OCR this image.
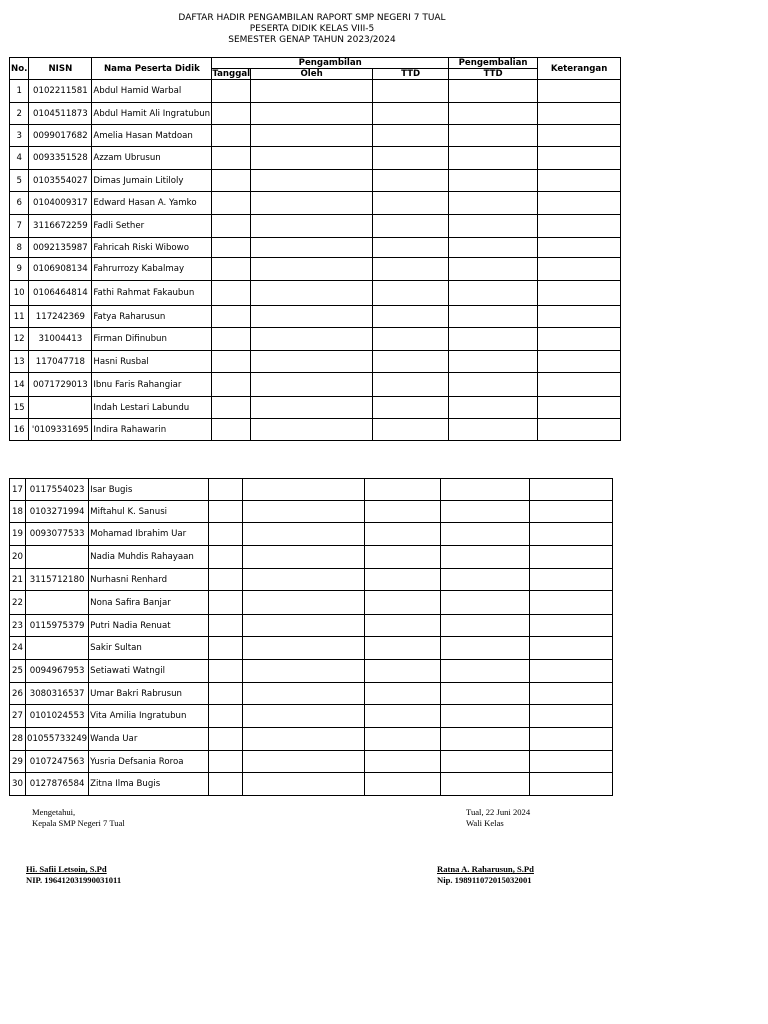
DAFTAR HADIR PENGAMBILAN RAPORT SMP NEGERI 7 TUAL
PESERTA DIDIK KELAS VIII-5
SEMESTER GENAP TAHUN 2023/2024
No.	NISN	Nama Peserta Didik	Pengambilan			Pengembalian	Keterangan
			Tanggal	Oleh	TTD	TTD	
1	0102211581	Abdul Hamid Warbal					
2	0104511873	Abdul Hamit Ali Ingratubun					
3	0099017682	Amelia Hasan Matdoan					
4	0093351528	Azzam Ubrusun					
5	0103554027	Dimas Jumain Litiloly					
6	0104009317	Edward Hasan A. Yamko					
7	3116672259	Fadli Sether					
8	0092135987	Fahricah Riski Wibowo					
9	0106908134	Fahrurrozy Kabalmay					
10	0106464814	Fathi Rahmat Fakaubun					
11	117242369	Fatya Raharusun					
12	31004413	Firman Difinubun					
13	117047718	Hasni Rusbal					
14	0071729013	Ibnu Faris Rahangiar					
15		Indah Lestari Labundu					
16	'0109331695	Indira Rahawarin					
17	0117554023	Isar Bugis					
18	0103271994	Miftahul K. Sanusi					
19	0093077533	Mohamad Ibrahim Uar					
20		Nadia Muhdis Rahayaan					
21	3115712180	Nurhasni Renhard					
22		Nona Safira Banjar					
23	0115975379	Putri Nadia Renuat					
24		Sakir Sultan					
25	0094967953	Setiawati Watngil					
26	3080316537	Umar Bakri Rabrusun					
27	0101024553	Vita Amilia Ingratubun					
28	01055733249	Wanda Uar					
29	0107247563	Yusria Defsania Roroa					
30	0127876584	Zitna Ilma Bugis					
Mengetahui,
Kepala SMP Negeri 7 Tual
Hi. Safii Letsoin, S.Pd
NIP. 196412031990031011
Tual, 22 Juni 2024
Wali Kelas
Ratna A. Raharusun, S.Pd
Nip. 198911072015032001
